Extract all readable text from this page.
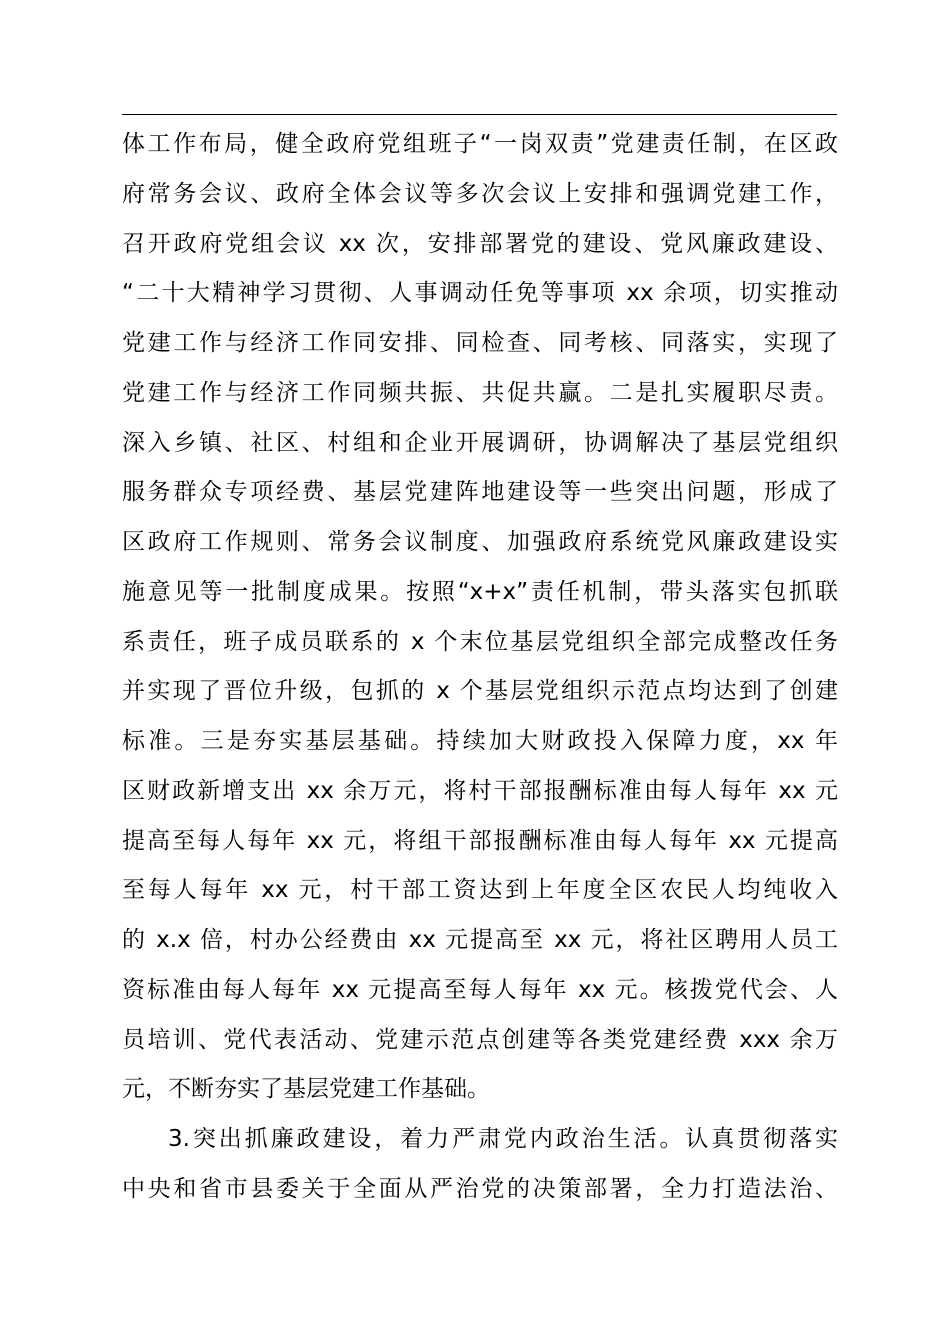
体工作布局，健全政府党组班子“一岗双责”党建责任制，在区政
府常务会议、政府全体会议等多次会议上安排和强调党建工作，
召开政府党组会议 xx 次，安排部署党的建设、党风廉政建设、
“二十大精神学习贯彻、人事调动任免等事项 xx 余项，切实推动
党建工作与经济工作同安排、同检查、同考核、同落实，实现了
党建工作与经济工作同频共振、共促共赢。二是扎实履职尽责。
深入乡镇、社区、村组和企业开展调研，协调解决了基层党组织
服务群众专项经费、基层党建阵地建设等一些突出问题，形成了
区政府工作规则、常务会议制度、加强政府系统党风廉政建设实
施意见等一批制度成果。按照“x+x”责任机制，带头落实包抓联
系责任，班子成员联系的 x 个末位基层党组织全部完成整改任务
并实现了晋位升级，包抓的 x 个基层党组织示范点均达到了创建
标准。三是夯实基层基础。持续加大财政投入保障力度，xx 年
区财政新增支出 xx 余万元，将村干部报酬标准由每人每年 xx 元
提高至每人每年 xx 元，将组干部报酬标准由每人每年 xx 元提高
至每人每年 xx 元，村干部工资达到上年度全区农民人均纯收入
的 x.x 倍，村办公经费由 xx 元提高至 xx 元，将社区聘用人员工
资标准由每人每年 xx 元提高至每人每年 xx 元。核拨党代会、人
员培训、党代表活动、党建示范点创建等各类党建经费 xxx 余万
元，不断夯实了基层党建工作基础。
3.突出抓廉政建设，着力严肃党内政治生活。认真贯彻落实
中央和省市县委关于全面从严治党的决策部署，全力打造法治、
